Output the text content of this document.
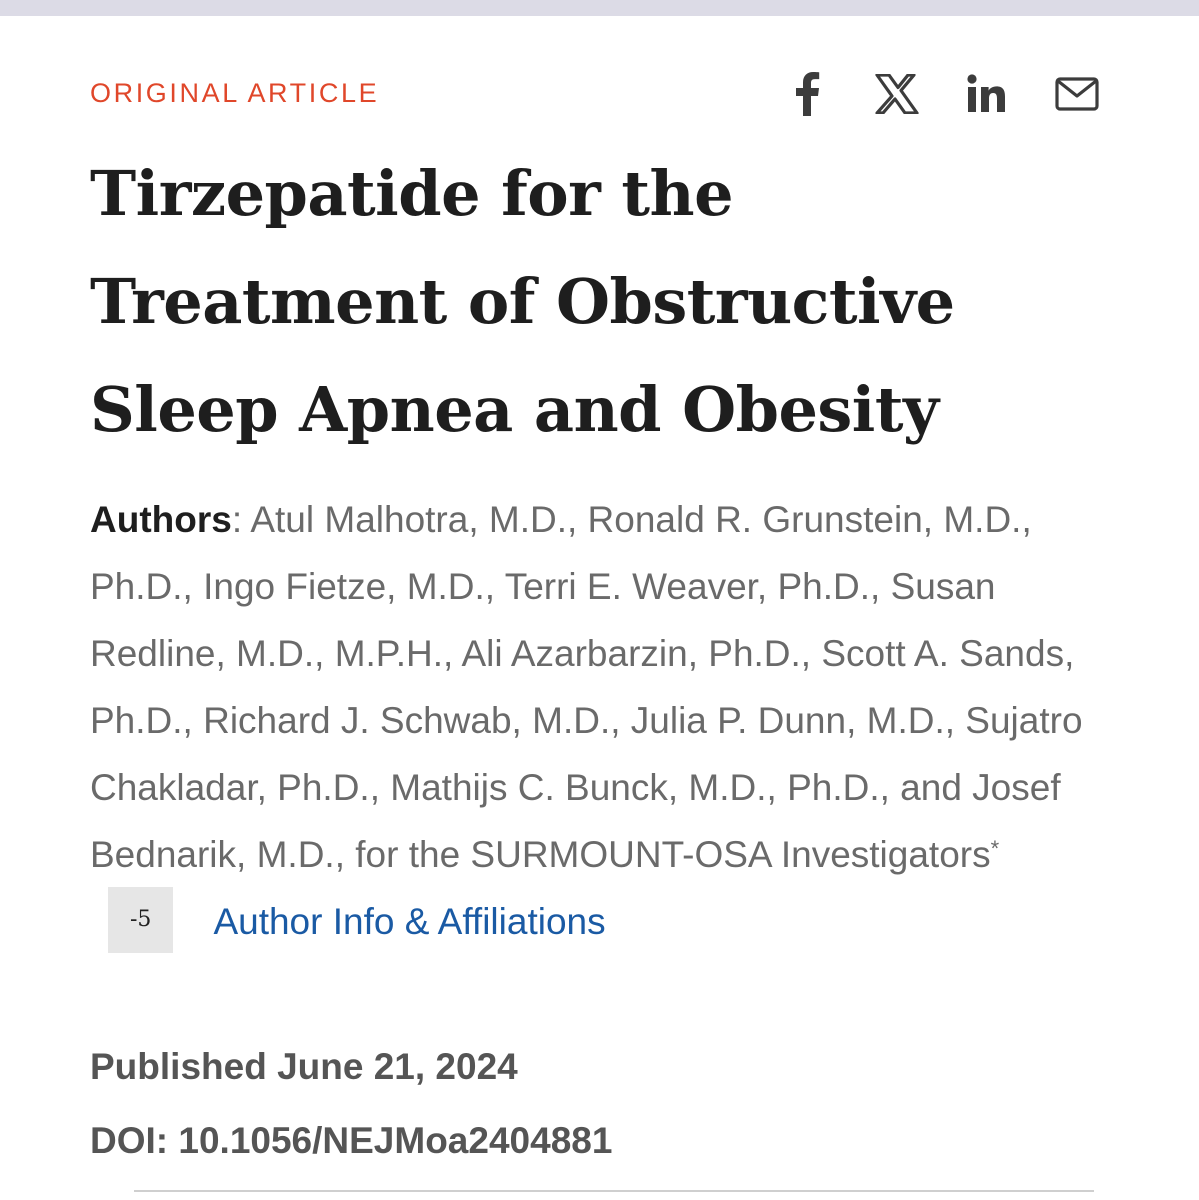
ORIGINAL ARTICLE
Tirzepatide for the
Treatment of Obstructive
Sleep Apnea and Obesity
Authors: Atul Malhotra, M.D., Ronald R. Grunstein, M.D., Ph.D., Ingo Fietze, M.D., Terri E. Weaver, Ph.D., Susan Redline, M.D., M.P.H., Ali Azarbarzin, Ph.D., Scott A. Sands, Ph.D., Richard J. Schwab, M.D., Julia P. Dunn, M.D., Sujatro Chakladar, Ph.D., Mathijs C. Bunck, M.D., Ph.D., and Josef Bednarik, M.D., for the SURMOUNT-OSA Investigators*-5 Author Info & Affiliations
Published June 21, 2024
DOI: 10.1056/NEJMoa2404881
